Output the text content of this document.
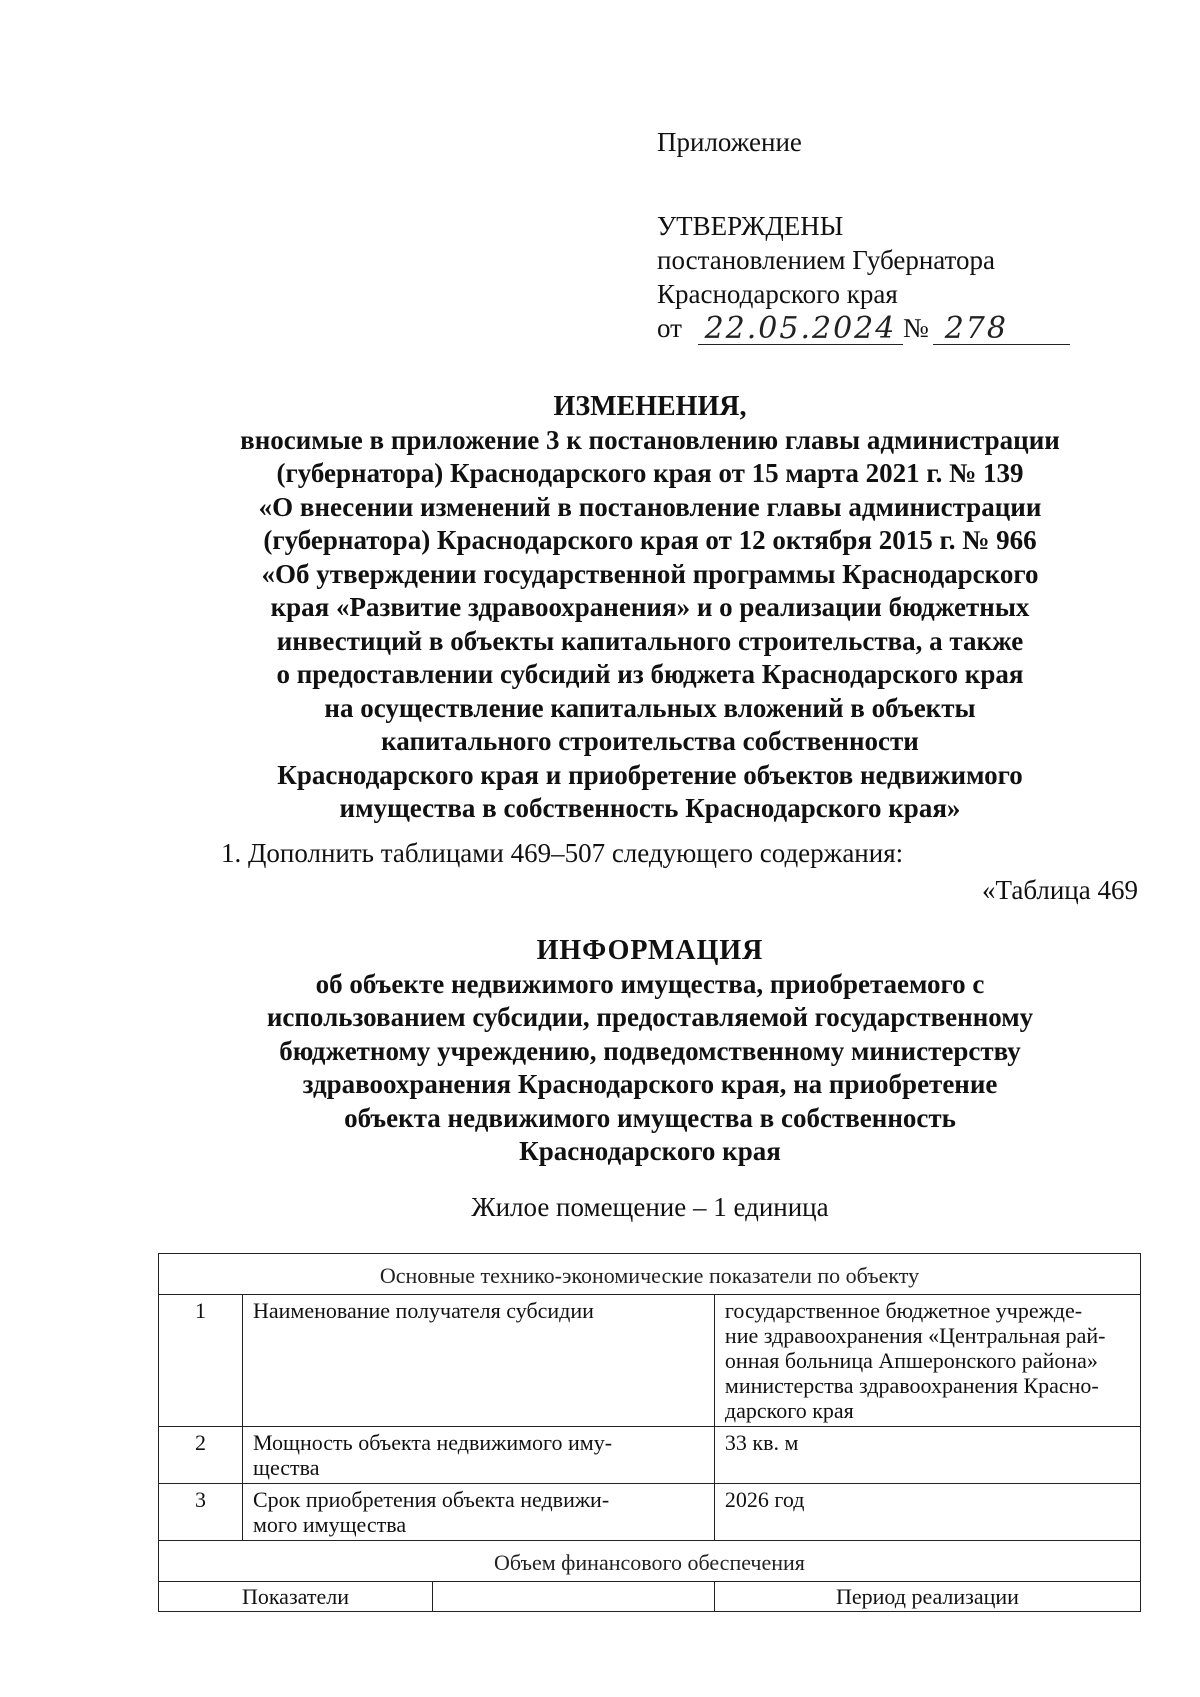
Приложение
УТВЕРЖДЕНЫ
постановлением Губернатора
Краснодарского края
от 22.05.2024 № 278
ИЗМЕНЕНИЯ,
вносимые в приложение 3 к постановлению главы администрации
(губернатора) Краснодарского края от 15 марта 2021 г. № 139
«О внесении изменений в постановление главы администрации
(губернатора) Краснодарского края от 12 октября 2015 г. № 966
«Об утверждении государственной программы Краснодарского
края «Развитие здравоохранения» и о реализации бюджетных
инвестиций в объекты капитального строительства, а также
о предоставлении субсидий из бюджета Краснодарского края
на осуществление капитальных вложений в объекты
капитального строительства собственности
Краснодарского края и приобретение объектов недвижимого
имущества в собственность Краснодарского края»
1. Дополнить таблицами 469–507 следующего содержания:
«Таблица 469
ИНФОРМАЦИЯ
об объекте недвижимого имущества, приобретаемого с
использованием субсидии, предоставляемой государственному
бюджетному учреждению, подведомственному министерству
здравоохранения Краснодарского края, на приобретение
объекта недвижимого имущества в собственность
Краснодарского края
Жилое помещение – 1 единица
Основные технико-экономические показатели по объекту			
1	Наименование получателя субсидии		государственное бюджетное учрежде-
ние здравоохранения «Центральная рай-
онная больница Апшеронского района»
министерства здравоохранения Красно-
дарского края

2	Мощность объекта недвижимого иму-
щества		33 кв. м

3	Срок приобретения объекта недвижи-
мого имущества		2026 год

Объем финансового обеспечения			
Показатели			Период реализации
